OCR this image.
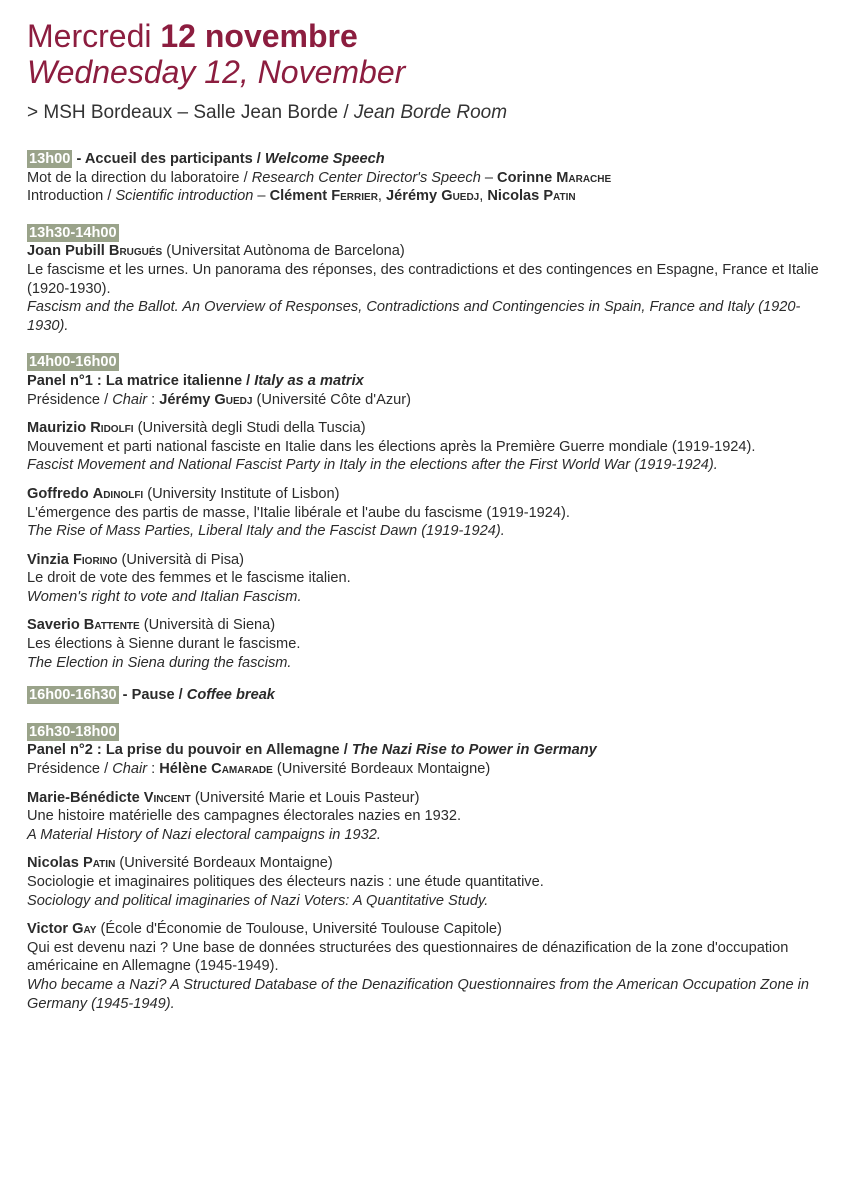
Mercredi 12 novembre
Wednesday 12, November
> MSH Bordeaux – Salle Jean Borde / Jean Borde Room

13h00 - Accueil des participants / Welcome Speech

Mot de la direction du laboratoire / Research Center Director's Speech – Corinne Marache

Introduction / Scientific introduction – Clément Ferrier, Jérémy Guedj, Nicolas Patin

13h30-14h00

Joan Pubill Brugués (Universitat Autònoma de Barcelona)

Le fascisme et les urnes. Un panorama des réponses, des contradictions et des contingences en Espagne, France et Italie (1920-1930).

Fascism and the Ballot. An Overview of Responses, Contradictions and Contingencies in Spain, France and Italy (1920-1930).

14h00-16h00

Panel n°1 : La matrice italienne / Italy as a matrix

Présidence / Chair : Jérémy Guedj (Université Côte d'Azur)

Maurizio Ridolfi (Università degli Studi della Tuscia)

Mouvement et parti national fasciste en Italie dans les élections après la Première Guerre mondiale (1919-1924).

Fascist Movement and National Fascist Party in Italy in the elections after the First World War (1919-1924).

Goffredo Adinolfi (University Institute of Lisbon)

L'émergence des partis de masse, l'Italie libérale et l'aube du fascisme (1919-1924).

The Rise of Mass Parties, Liberal Italy and the Fascist Dawn (1919-1924).

Vinzia Fiorino (Università di Pisa)

Le droit de vote des femmes et le fascisme italien.

Women's right to vote and Italian Fascism.

Saverio Battente (Università di Siena)

Les élections à Sienne durant le fascisme.

The Election in Siena during the fascism.

16h00-16h30 - Pause / Coffee break

16h30-18h00

Panel n°2 : La prise du pouvoir en Allemagne / The Nazi Rise to Power in Germany

Présidence / Chair : Hélène Camarade (Université Bordeaux Montaigne)

Marie-Bénédicte Vincent (Université Marie et Louis Pasteur)

Une histoire matérielle des campagnes électorales nazies en 1932.

A Material History of Nazi electoral campaigns in 1932.

Nicolas Patin (Université Bordeaux Montaigne)

Sociologie et imaginaires politiques des électeurs nazis : une étude quantitative.

Sociology and political imaginaries of Nazi Voters: A Quantitative Study.

Victor Gay (École d'Économie de Toulouse, Université Toulouse Capitole)

Qui est devenu nazi ? Une base de données structurées des questionnaires de dénazification de la zone d'occupation américaine en Allemagne (1945-1949).

Who became a Nazi? A Structured Database of the Denazification Questionnaires from the American Occupation Zone in Germany (1945-1949).
